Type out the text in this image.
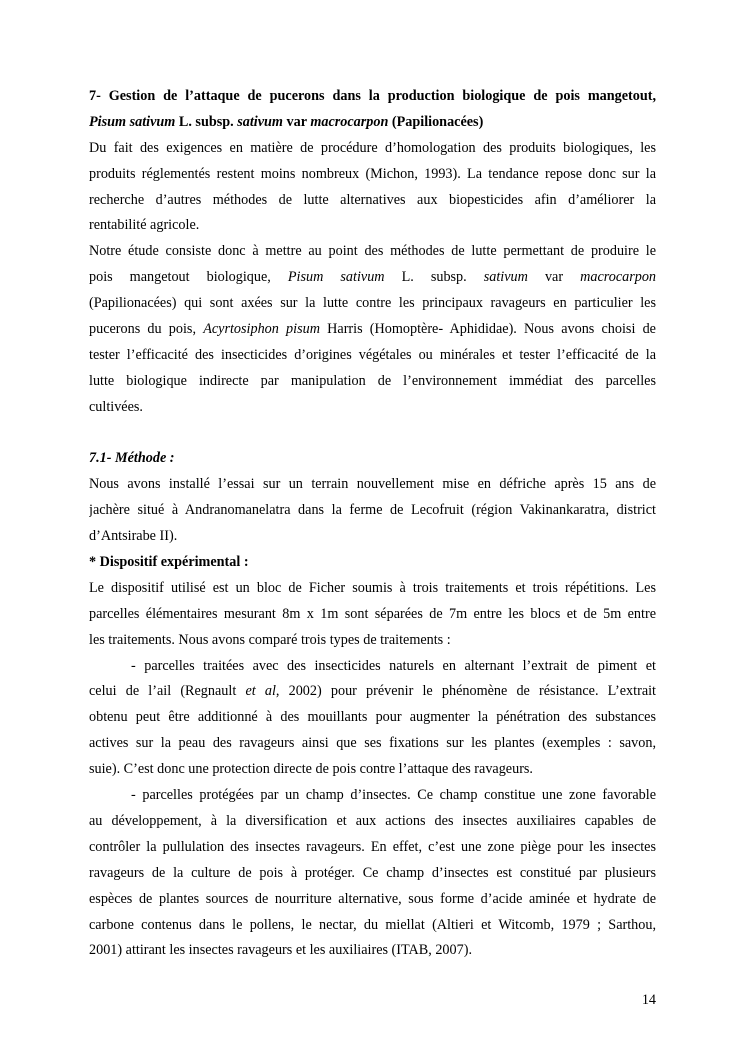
7- Gestion de l’attaque de pucerons dans la production biologique de pois mangetout,
Pisum sativum L. subsp. sativum var macrocarpon (Papilionacées)
Du fait des exigences en matière de procédure d’homologation des produits biologiques, les
produits réglementés restent moins nombreux (Michon, 1993). La tendance repose donc sur la
recherche d’autres méthodes de lutte alternatives aux biopesticides afin d’améliorer la
rentabilité agricole.
Notre étude consiste donc à mettre au point des méthodes de lutte permettant de produire le
pois mangetout biologique, Pisum sativum L. subsp. sativum var macrocarpon
(Papilionacées) qui sont axées sur la lutte contre les principaux ravageurs en particulier les
pucerons du pois, Acyrtosiphon pisum Harris (Homoptère- Aphididae). Nous avons choisi de
tester l’efficacité des insecticides d’origines végétales ou minérales et tester l’efficacité de la
lutte biologique indirecte par manipulation de l’environnement immédiat des parcelles
cultivées.
7.1- Méthode :
Nous avons installé l’essai sur un terrain nouvellement mise en défriche après 15 ans de
jachère situé à Andranomanelatra dans la ferme de Lecofruit (région Vakinankaratra, district
d’Antsirabe II).
* Dispositif expérimental :
Le dispositif utilisé est un bloc de Ficher soumis à trois traitements et trois répétitions. Les
parcelles élémentaires mesurant 8m x 1m sont séparées de 7m entre les blocs et de 5m entre
les traitements. Nous avons comparé trois types de traitements :
- parcelles traitées avec des insecticides naturels en alternant l’extrait de piment et
celui de l’ail (Regnault et al, 2002) pour prévenir le phénomène de résistance. L’extrait
obtenu peut être additionné à des mouillants pour augmenter la pénétration des substances
actives sur la peau des ravageurs ainsi que ses fixations sur les plantes (exemples : savon,
suie). C’est donc une protection directe de pois contre l’attaque des ravageurs.
- parcelles protégées par un champ d’insectes. Ce champ constitue une zone favorable
au développement, à la diversification et aux actions des insectes auxiliaires capables de
contrôler la pullulation des insectes ravageurs. En effet, c’est une zone piège pour les insectes
ravageurs de la culture de pois à protéger. Ce champ d’insectes est constitué par plusieurs
espèces de plantes sources de nourriture alternative, sous forme d’acide aminée et hydrate de
carbone contenus dans le pollens, le nectar, du miellat (Altieri et Witcomb, 1979 ; Sarthou,
2001) attirant les insectes ravageurs et les auxiliaires (ITAB, 2007).
14
